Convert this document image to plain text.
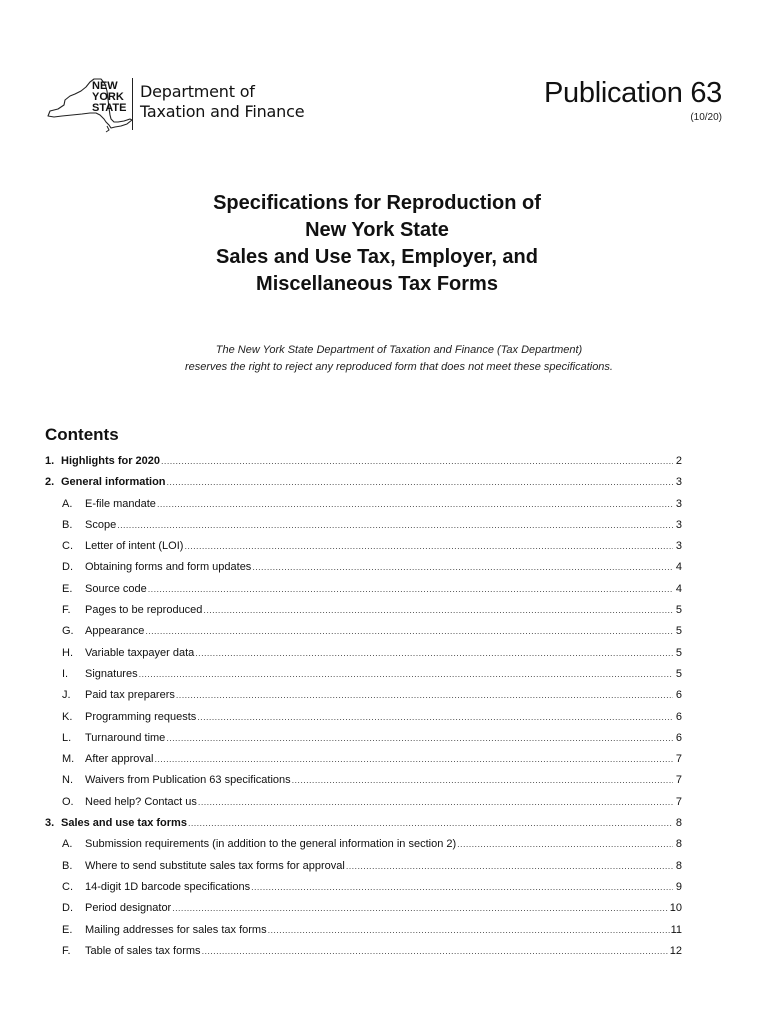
NEW
YORK
STATE
Department of
Taxation and Finance
Publication 63
(10/20)
Specifications for Reproduction of
New York State
Sales and Use Tax, Employer, and
Miscellaneous Tax Forms
The New York State Department of Taxation and Finance (Tax Department)
reserves the right to reject any reproduced form that does not meet these specifications.
Contents
1. Highlights for 2020 .....	2
2. General information .....	3
A.	E-file mandate .....	3
B.	Scope .....	3
C.	Letter of intent (LOI) .....	3
D.	Obtaining forms and form updates .....	4
E.	Source code .....	4
F.	Pages to be reproduced .....	5
G.	Appearance .....	5
H.	Variable taxpayer data .....	5
I.	Signatures .....	5
J.	Paid tax preparers .....	6
K.	Programming requests .....	6
L.	Turnaround time .....	6
M. After approval .....	7
N.	Waivers from Publication 63 specifications .....	7
O.	Need help? Contact us .....	7
3. Sales and use tax forms .....	8
A.	Submission requirements (in addition to the general information in section 2) .....	8
B.	Where to send substitute sales tax forms for approval .....	8
C.	14-digit 1D barcode specifications .....	9
D.	Period designator .....	10
E.	Mailing addresses for sales tax forms .....	11
F.	Table of sales tax forms .....	12
